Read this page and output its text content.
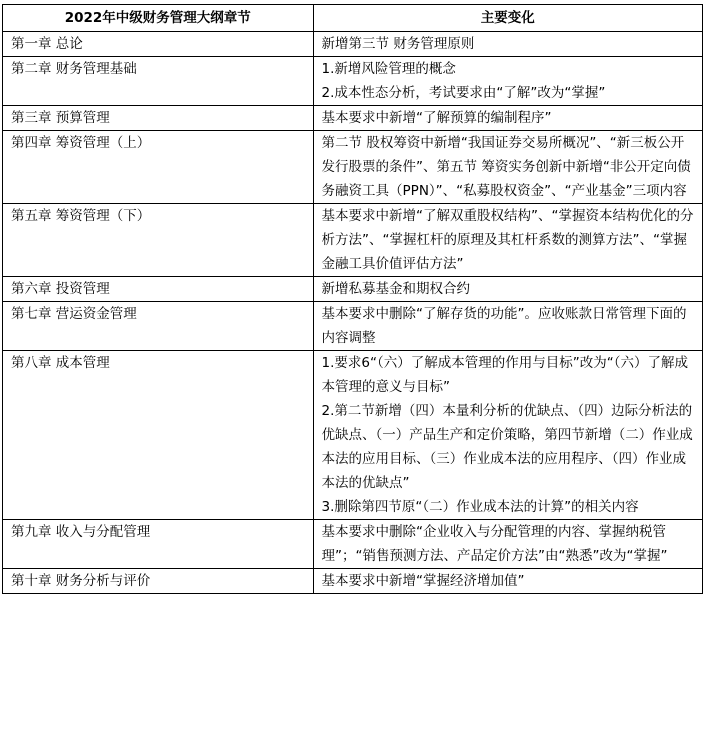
2022年中级财务管理大纲章节	主要变化
第一章 总论	新增第三节 财务管理原则

第二章 财务管理基础	1.新增风险管理的概念
2.成本性态分析，考试要求由“了解”改为“掌握”

第三章 预算管理	基本要求中新增“了解预算的编制程序”

第四章 筹资管理（上）	第二节 股权筹资中新增“我国证券交易所概况”、“新三板公开发行股票的条件”、第五节 筹资实务创新中新增“非公开定向债务融资工具（PPN）”、“私募股权资金”、“产业基金”三项内容

第五章 筹资管理（下）	基本要求中新增“了解双重股权结构”、“掌握资本结构优化的分析方法”、“掌握杠杆的原理及其杠杆系数的测算方法”、“掌握金融工具价值评估方法”

第六章 投资管理	新增私募基金和期权合约

第七章 营运资金管理	基本要求中删除“了解存货的功能”。应收账款日常管理下面的内容调整

第八章 成本管理	1.要求6“（六）了解成本管理的作用与目标”改为“（六）了解成本管理的意义与目标”
2.第二节新增（四）本量利分析的优缺点、（四）边际分析法的优缺点、（一）产品生产和定价策略，第四节新增（二）作业成本法的应用目标、（三）作业成本法的应用程序、（四）作业成本法的优缺点”
3.删除第四节原“（二）作业成本法的计算”的相关内容

第九章 收入与分配管理	基本要求中删除“企业收入与分配管理的内容、掌握纳税管理”；“销售预测方法、产品定价方法”由“熟悉”改为“掌握”

第十章 财务分析与评价	基本要求中新增“掌握经济增加值”
